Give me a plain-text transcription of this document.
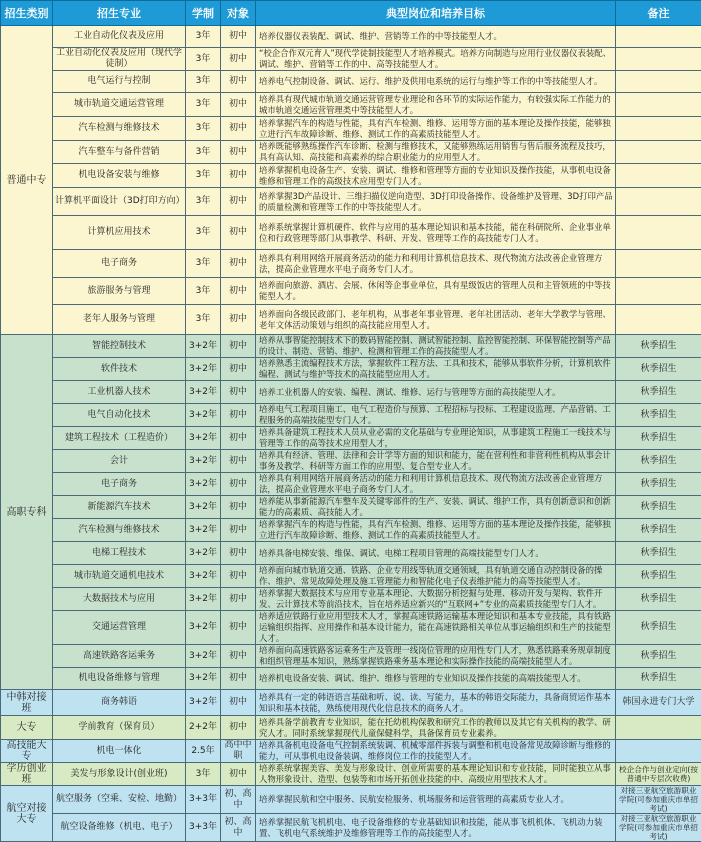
招生类别	招生专业	学制	对象	典型岗位和培养目标	备注
普通中专	工业自动化仪表及应用	3年	初中	培养仪器仪表装配、调试、维护、营销等工作的中等技能型人才。	
	工业自动化仪表及应用（现代学徒制）	3年	初中	“校企合作双元育人”现代学徒制技能型人才培养模式。培养方向制造与应用行业仪器仪表装配、调试、维护、营销等工作的中、高等技能型人才。	
	电气运行与控制	3年	初中	培养电气控制设备、调试、运行、维护及供用电系统的运行与维护等工作的中等技能型人才。	
	城市轨道交通运营管理	3年	初中	培养具有现代城市轨道交通运营管理专业理论和各环节的实际运作能力，有较强实际工作能力的城市轨道交通运营管理类中等技能型人才。	
	汽车检测与维修技术	3年	初中	培养掌握汽车的构造与性能，具有汽车检测、维修、运用等方面的基本理论及操作技能，能够独立进行汽车故障诊断、维修、测试工作的高素质技能型人才。	
	汽车整车与备件营销	3年	初中	培养既能够熟练操作汽车诊断、检测与维修技术，又能够熟练运用销售与售后服务流程及技巧，具有高认知、高技能和高素养的综合职业能力的应用型人才。	
	机电设备安装与维修	3年	初中	培养掌握机电设备生产、安装、调试、维修和管理等方面的专业知识及操作技能，从事机电设备维修和管理工作的高级技术应用型专门人才。	
	计算机平面设计（3D打印方向）	3年	初中	培养掌握3D产品设计、三维扫描仪逆向造型、3D打印设备操作、设备维护及管理、3D打印产品的质量检测和管理等工作的中等技能型人才。	
	计算机应用技术	3年	初中	培养系统掌握计算机硬件、软件与应用的基本理论知识和基本技能，能在科研院所、企业事业单位和行政管理等部门从事教学、科研、开发、管理等工作的高技能专门人才。	
	电子商务	3年	初中	培养具有利用网络开展商务活动的能力和利用计算机信息技术、现代物流方法改善企业管理方法，提高企业管理水平电子商务专门人才。	
	旅游服务与管理	3年	初中	培养面向旅游、酒店、会展、休闲等企事业单位，具有星级饭店的管理人员和主管领班的中等技能型人才。	
	老年人服务与管理	3年	初中	培养面向各级民政部门、老年机构，从事老年事业管理、老年社团活动、老年大学教学与管理、老年文体活动策划与组织的高技能应用型人才。	
高职专科	智能控制技术	3+2年	初中	培养从事智能控制技术下的数码智能控制、测试智能控制、监控智能控制、环保智能控制等产品的设计、制造、营销、维护、检测和管理工作的高技能型人才。	秋季招生
	软件技术	3+2年	初中	培养熟悉主流编程技术方法，掌握软件工程方法、工具和技术，能够从事软件分析，计算机软件编程、测试与维护等技术的高技能型应用人才。	秋季招生
	工业机器人技术	3+2年	初中	培养工业机器人的安装、编程、测试、维修、运行与管理等方面的高技能型人才。	秋季招生
	电气自动化技术	3+2年	初中	培养电气工程项目施工、电气工程造价与预算、工程招标与投标、工程建设监理、产品营销、工程服务的高端技能型专门人才。	秋季招生
	建筑工程技术（工程造价）	3+2年	初中	培养具备建筑工程技术人员从业必需的文化基础与专业理论知识，从事建筑工程施工一线技术与管理等工作的高等技术应用型人才，	秋季招生
	会计	3+2年	初中	培养具有经济、管理、法律和会计学等方面的知识和能力，能在营利性和非营利性机构从事会计事务及教学、科研等方面工作的应用型、复合型专业人才。	秋季招生
	电子商务	3+2年	初中	培养具有利用网络开展商务活动的能力和利用计算机信息技术、现代物流方法改善企业管理方法，提高企业管理水平电子商务专门人才。	秋季招生
	新能源汽车技术	3+2年	初中	培养能从事新能源汽车整车及关键零部件的生产、安装、调试、维护工作，具有创新意识和创新能力的高素质、高技能人才。	秋季招生
	汽车检测与维修技术	3+2年	初中	培养掌握汽车的构造与性能，具有汽车检测、维修、运用等方面的基本理论及操作技能，能够独立进行汽车故障诊断、维修、测试工作的高素质技能型人才。	秋季招生
	电梯工程技术	3+2年	初中	培养具备电梯安装、维保、调试、电梯工程项目管理的高端技能型专门人才。	秋季招生
	城市轨道交通机电技术	3+2年	初中	培养面向城市轨道交通、铁路、企业专用线等轨道交通领域，具有轨道交通自动控制设备的操作、维护、常见故障处理及施工管理能力和智能化电子仪表维护能力的高等技能型人才。	秋季招生
	大数据技术与应用	3+2年	初中	培养掌握大数据技术与应用专业基本理论、大数据分析挖掘与处理、移动开发与架构、软件开发、云计算技术等前沿技术，旨在培养适应新兴的“互联网+”专业的高素质技能型专门人才。	秋季招生
	交通运营管理	3+2年	初中	培养适应铁路行业应用型技术人才，掌握高速铁路运输基本理论知识和基本专业技能，具有铁路运输组织指挥、应用操作和基本设计能力，能在高速铁路相关单位从事运输组织和生产的技能型人才。	秋季招生
	高速铁路客运乘务	3+2年	初中	培养面向高速铁路客运乘务生产及管理一线岗位管理的应用性专门人才，熟悉铁路乘务规章制度和组织管理基本知识，熟练掌握铁路乘务基本理论和实际操作技能的高端技能型人才。	秋季招生
	机电设备维修与管理	3+2年	初中	培养机电设备安装、调试、维护、维修与管理的专业知识及操作技能的高端技能型人才。	秋季招生
中韩对接班	商务韩语	3+2年	初中	培养具有一定的韩语语言基础和听、说、读、写能力，基本的韩语交际能力，具备商贸运作基本知识和基本技能，熟练使用现代化信息技术的商务人才。	韩国永进专门大学
大专	学前教育（保育员）	2+2年	初中	培养具备学前教育专业知识，能在托幼机构保教和研究工作的教师以及其它有关机构的教学、研究人才。同时系统掌握现代儿童保健科学，具备保育员专业素养。	
高技能大专	机电一体化	2.5年	高中中职	培养具备机电设备电气控制系统装调、机械零部件拆装与调整和机电设备常见故障诊断与维修的能力，可从事机电设备装调、维修岗位工作的技能型人才。	
学历创业班	美发与形象设计(创业班)	3年	初中	培养系统掌握美容、美发与形象设计、创业所需要的基本理论知识和专业技能，同时能独立从事人物形象设计、造型、包装等和市场开拓创业技能的中、高级应用型技术人才。	校企合作与创业定向(按普通中专层次收费)
航空对接大专	航空服务（空乘、安检、地勤）	3+3年	初、高中	培养掌握民航和空中服务、民航安检服务、机场服务和运营管理的高素质专业人才。	对接三亚航空旅游职业学院(可参加重庆市单招考试)
	航空设备维修（机电、电子）	3+3年	初、高中	培养掌握民航飞机机电、电子设备维修的专业基础知识和技能，能从事飞机机体、飞机动力装置、飞机电气系统维护及维修管理等工作的高技能型人才。	对接三亚航空旅游职业学院(可参加重庆市单招考试)
